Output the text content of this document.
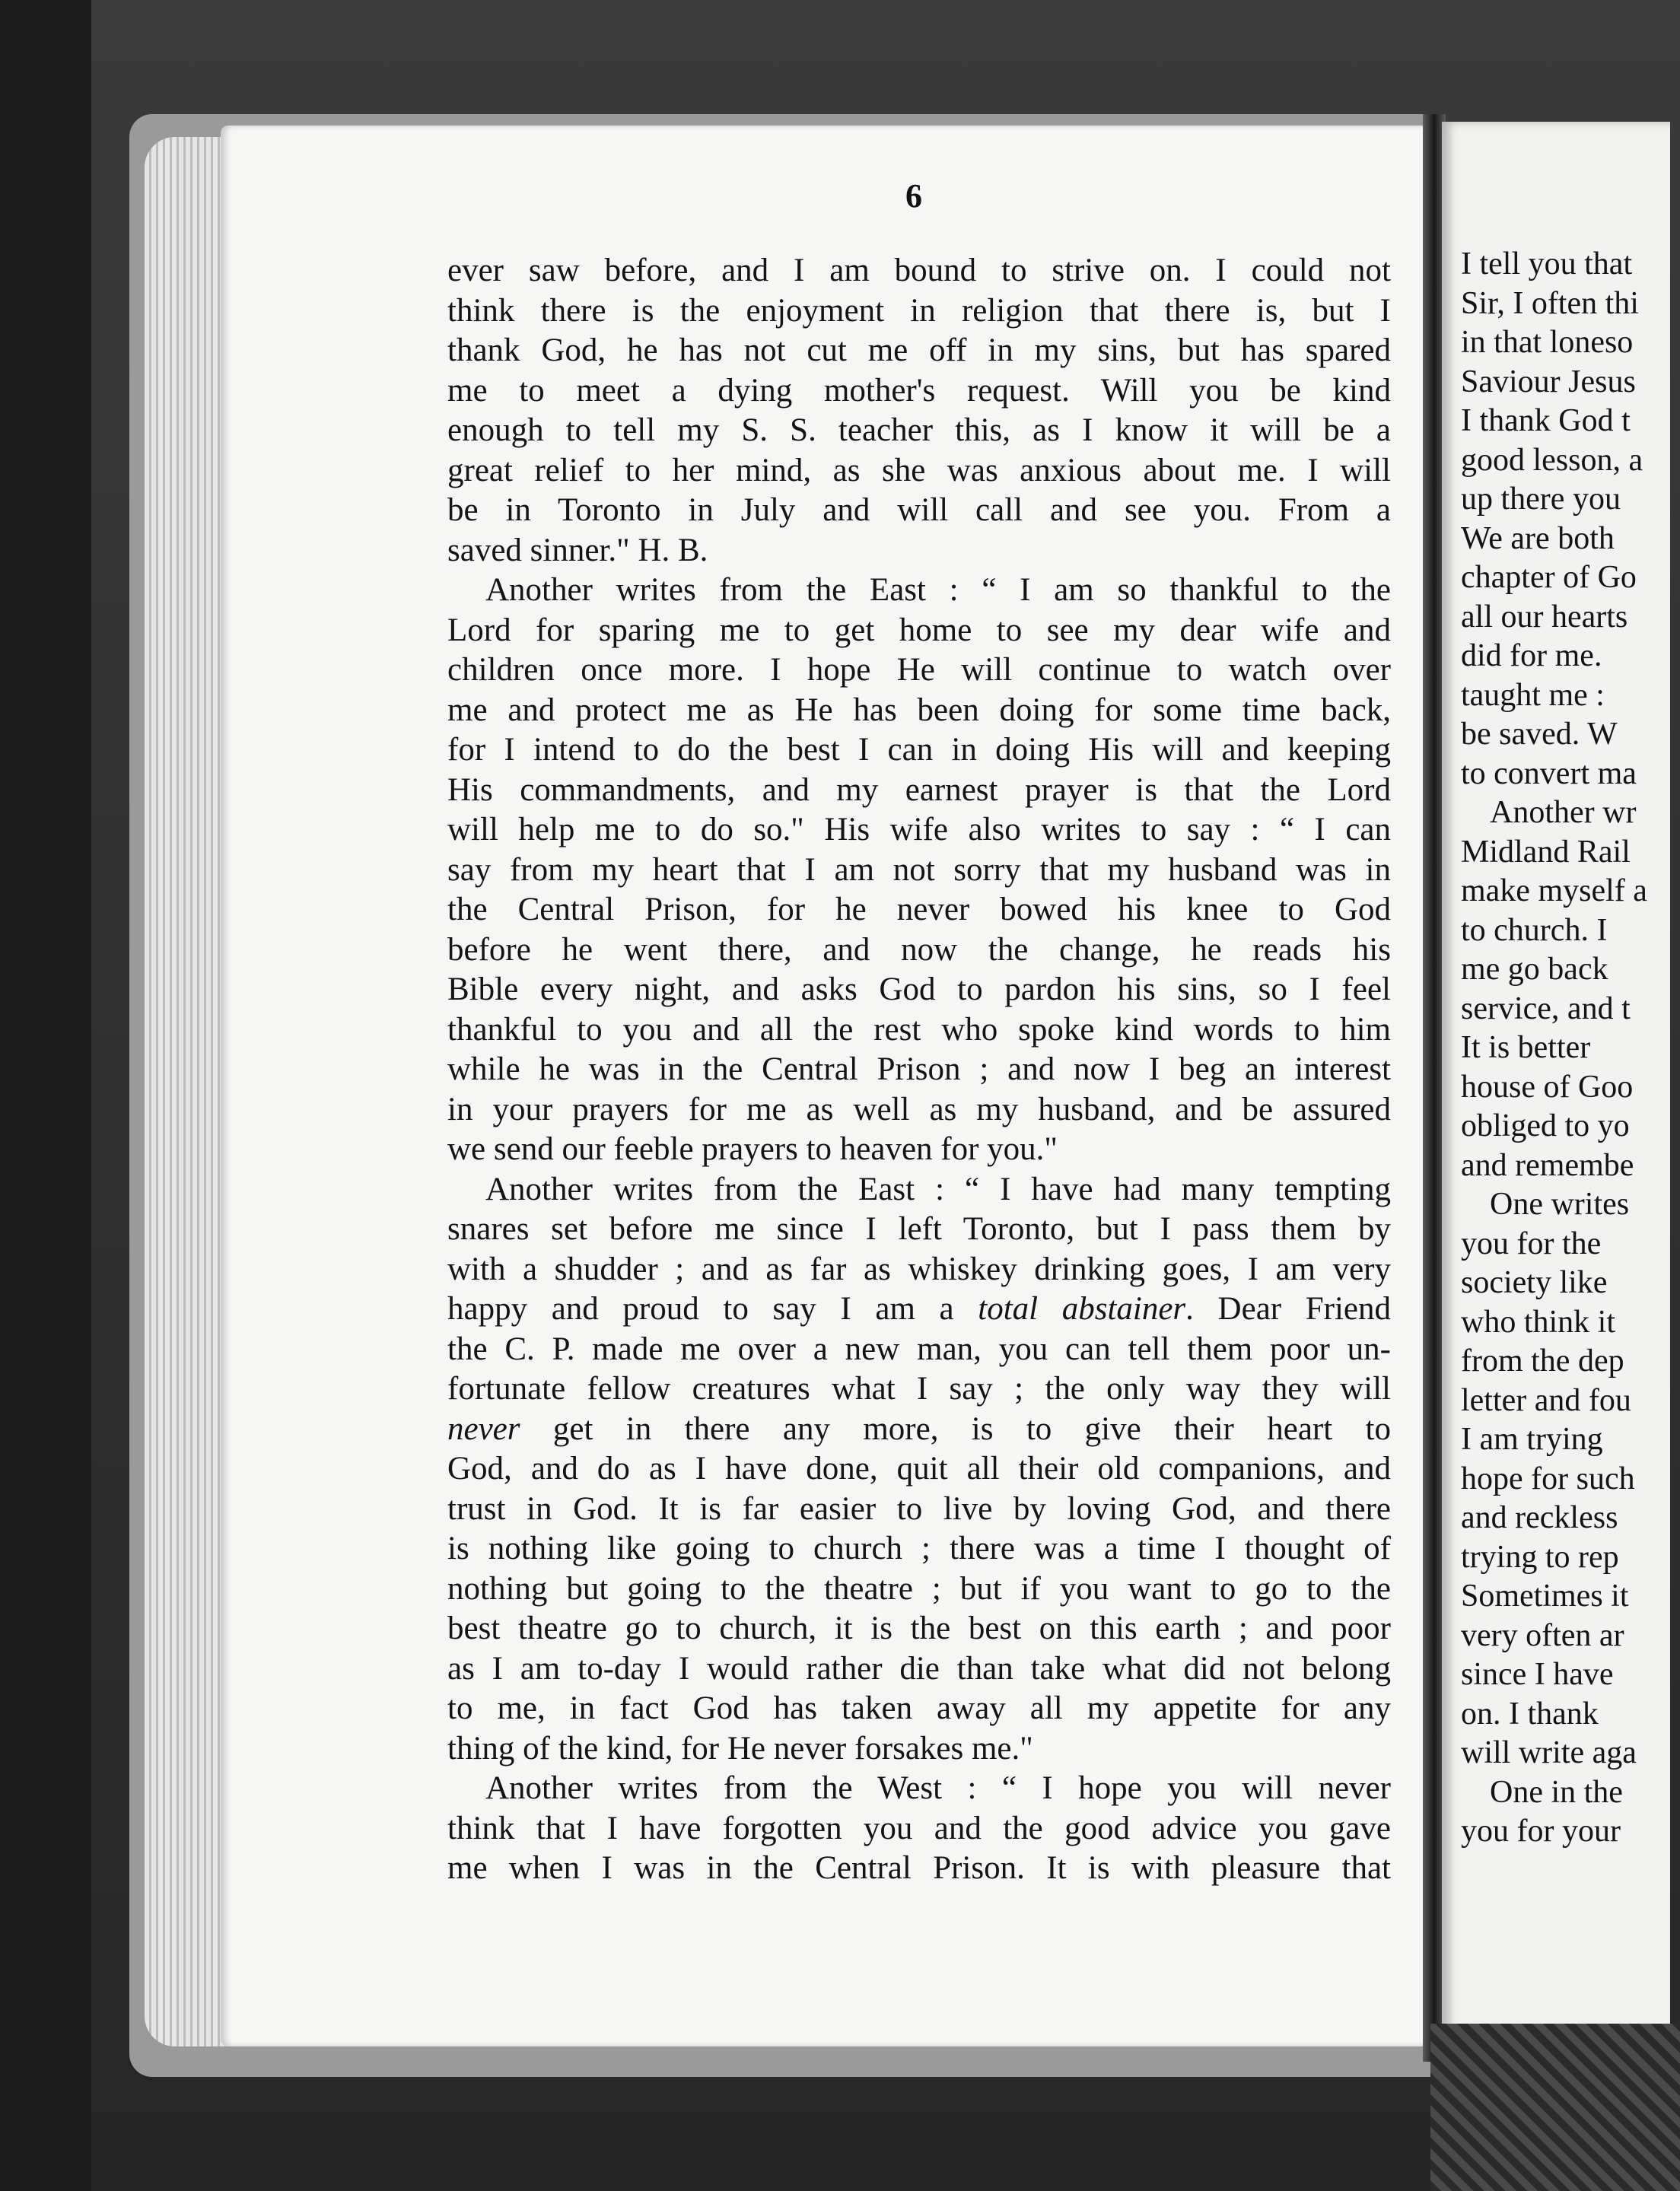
6
ever saw before, and I am bound to strive on. I could not
think there is the enjoyment in religion that there is, but I
thank God, he has not cut me off in my sins, but has spared
me to meet a dying mother's request. Will you be kind
enough to tell my S. S. teacher this, as I know it will be a
great relief to her mind, as she was anxious about me. I will
be in Toronto in July and will call and see you. From a
saved sinner." H. B.
Another writes from the East : “ I am so thankful to the
Lord for sparing me to get home to see my dear wife and
children once more. I hope He will continue to watch over
me and protect me as He has been doing for some time back,
for I intend to do the best I can in doing His will and keeping
His commandments, and my earnest prayer is that the Lord
will help me to do so." His wife also writes to say : “ I can
say from my heart that I am not sorry that my husband was in
the Central Prison, for he never bowed his knee to God
before he went there, and now the change, he reads his
Bible every night, and asks God to pardon his sins, so I feel
thankful to you and all the rest who spoke kind words to him
while he was in the Central Prison ; and now I beg an interest
in your prayers for me as well as my husband, and be assured
we send our feeble prayers to heaven for you."
Another writes from the East : “ I have had many tempting
snares set before me since I left Toronto, but I pass them by
with a shudder ; and as far as whiskey drinking goes, I am very
happy and proud to say I am a total abstainer. Dear Friend
the C. P. made me over a new man, you can tell them poor un-
fortunate fellow creatures what I say ; the only way they will
never get in there any more, is to give their heart to
God, and do as I have done, quit all their old companions, and
trust in God. It is far easier to live by loving God, and there
is nothing like going to church ; there was a time I thought of
nothing but going to the theatre ; but if you want to go to the
best theatre go to church, it is the best on this earth ; and poor
as I am to-day I would rather die than take what did not belong
to me, in fact God has taken away all my appetite for any
thing of the kind, for He never forsakes me."
Another writes from the West : “ I hope you will never
think that I have forgotten you and the good advice you gave
me when I was in the Central Prison. It is with pleasure that
I tell you that
Sir, I often thi
in that loneso
Saviour Jesus
I thank God t
good lesson, a
up there you
We are both
chapter of Go
all our hearts
did for me.
taught me :
be saved. W
to convert ma
Another wr
Midland Rail
make myself a
to church. I
me go back
service, and t
It is better
house of Goo
obliged to yo
and remembe
One writes
you for the
society like
who think it
from the dep
letter and fou
I am trying
hope for such
and reckless
trying to rep
Sometimes it
very often ar
since I have
on. I thank
will write aga
One in the
you for your
